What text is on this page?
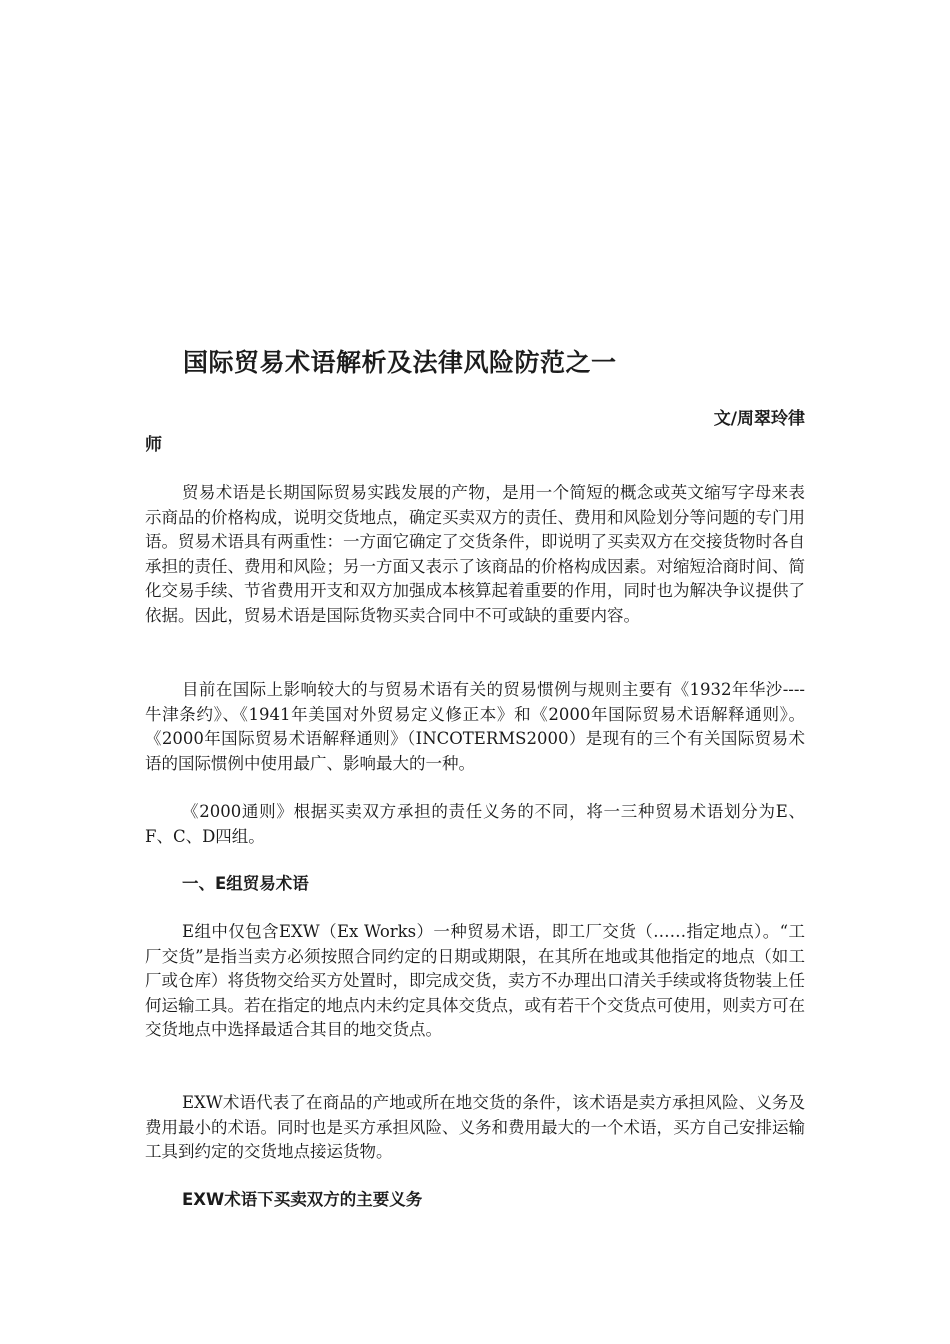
国际贸易术语解析及法律风险防范之一
文/周翠玲律
师

贸易术语是长期国际贸易实践发展的产物，是用一个简短的概念或英文缩写字母来表示商品的价格构成，说明交货地点，确定买卖双方的责任、费用和风险划分等问题的专门用语。贸易术语具有两重性：一方面它确定了交货条件，即说明了买卖双方在交接货物时各自承担的责任、费用和风险；另一方面又表示了该商品的价格构成因素。对缩短洽商时间、简化交易手续、节省费用开支和双方加强成本核算起着重要的作用，同时也为解决争议提供了依据。因此，贸易术语是国际货物买卖合同中不可或缺的重要内容。

目前在国际上影响较大的与贸易术语有关的贸易惯例与规则主要有《1932年华沙----牛津条约》、《1941年美国对外贸易定义修正本》和《2000年国际贸易术语解释通则》。《2000年国际贸易术语解释通则》（INCOTERMS2000）是现有的三个有关国际贸易术语的国际惯例中使用最广、影响最大的一种。

《2000通则》根据买卖双方承担的责任义务的不同，将一三种贸易术语划分为E、F、C、D四组。

一、E组贸易术语

E组中仅包含EXW（Ex Works）一种贸易术语，即工厂交货（……指定地点）。“工厂交货”是指当卖方必须按照合同约定的日期或期限，在其所在地或其他指定的地点（如工厂或仓库）将货物交给买方处置时，即完成交货，卖方不办理出口清关手续或将货物装上任何运输工具。若在指定的地点内未约定具体交货点，或有若干个交货点可使用，则卖方可在交货地点中选择最适合其目的地交货点。

EXW术语代表了在商品的产地或所在地交货的条件，该术语是卖方承担风险、义务及费用最小的术语。同时也是买方承担风险、义务和费用最大的一个术语，买方自己安排运输工具到约定的交货地点接运货物。

EXW术语下买卖双方的主要义务
